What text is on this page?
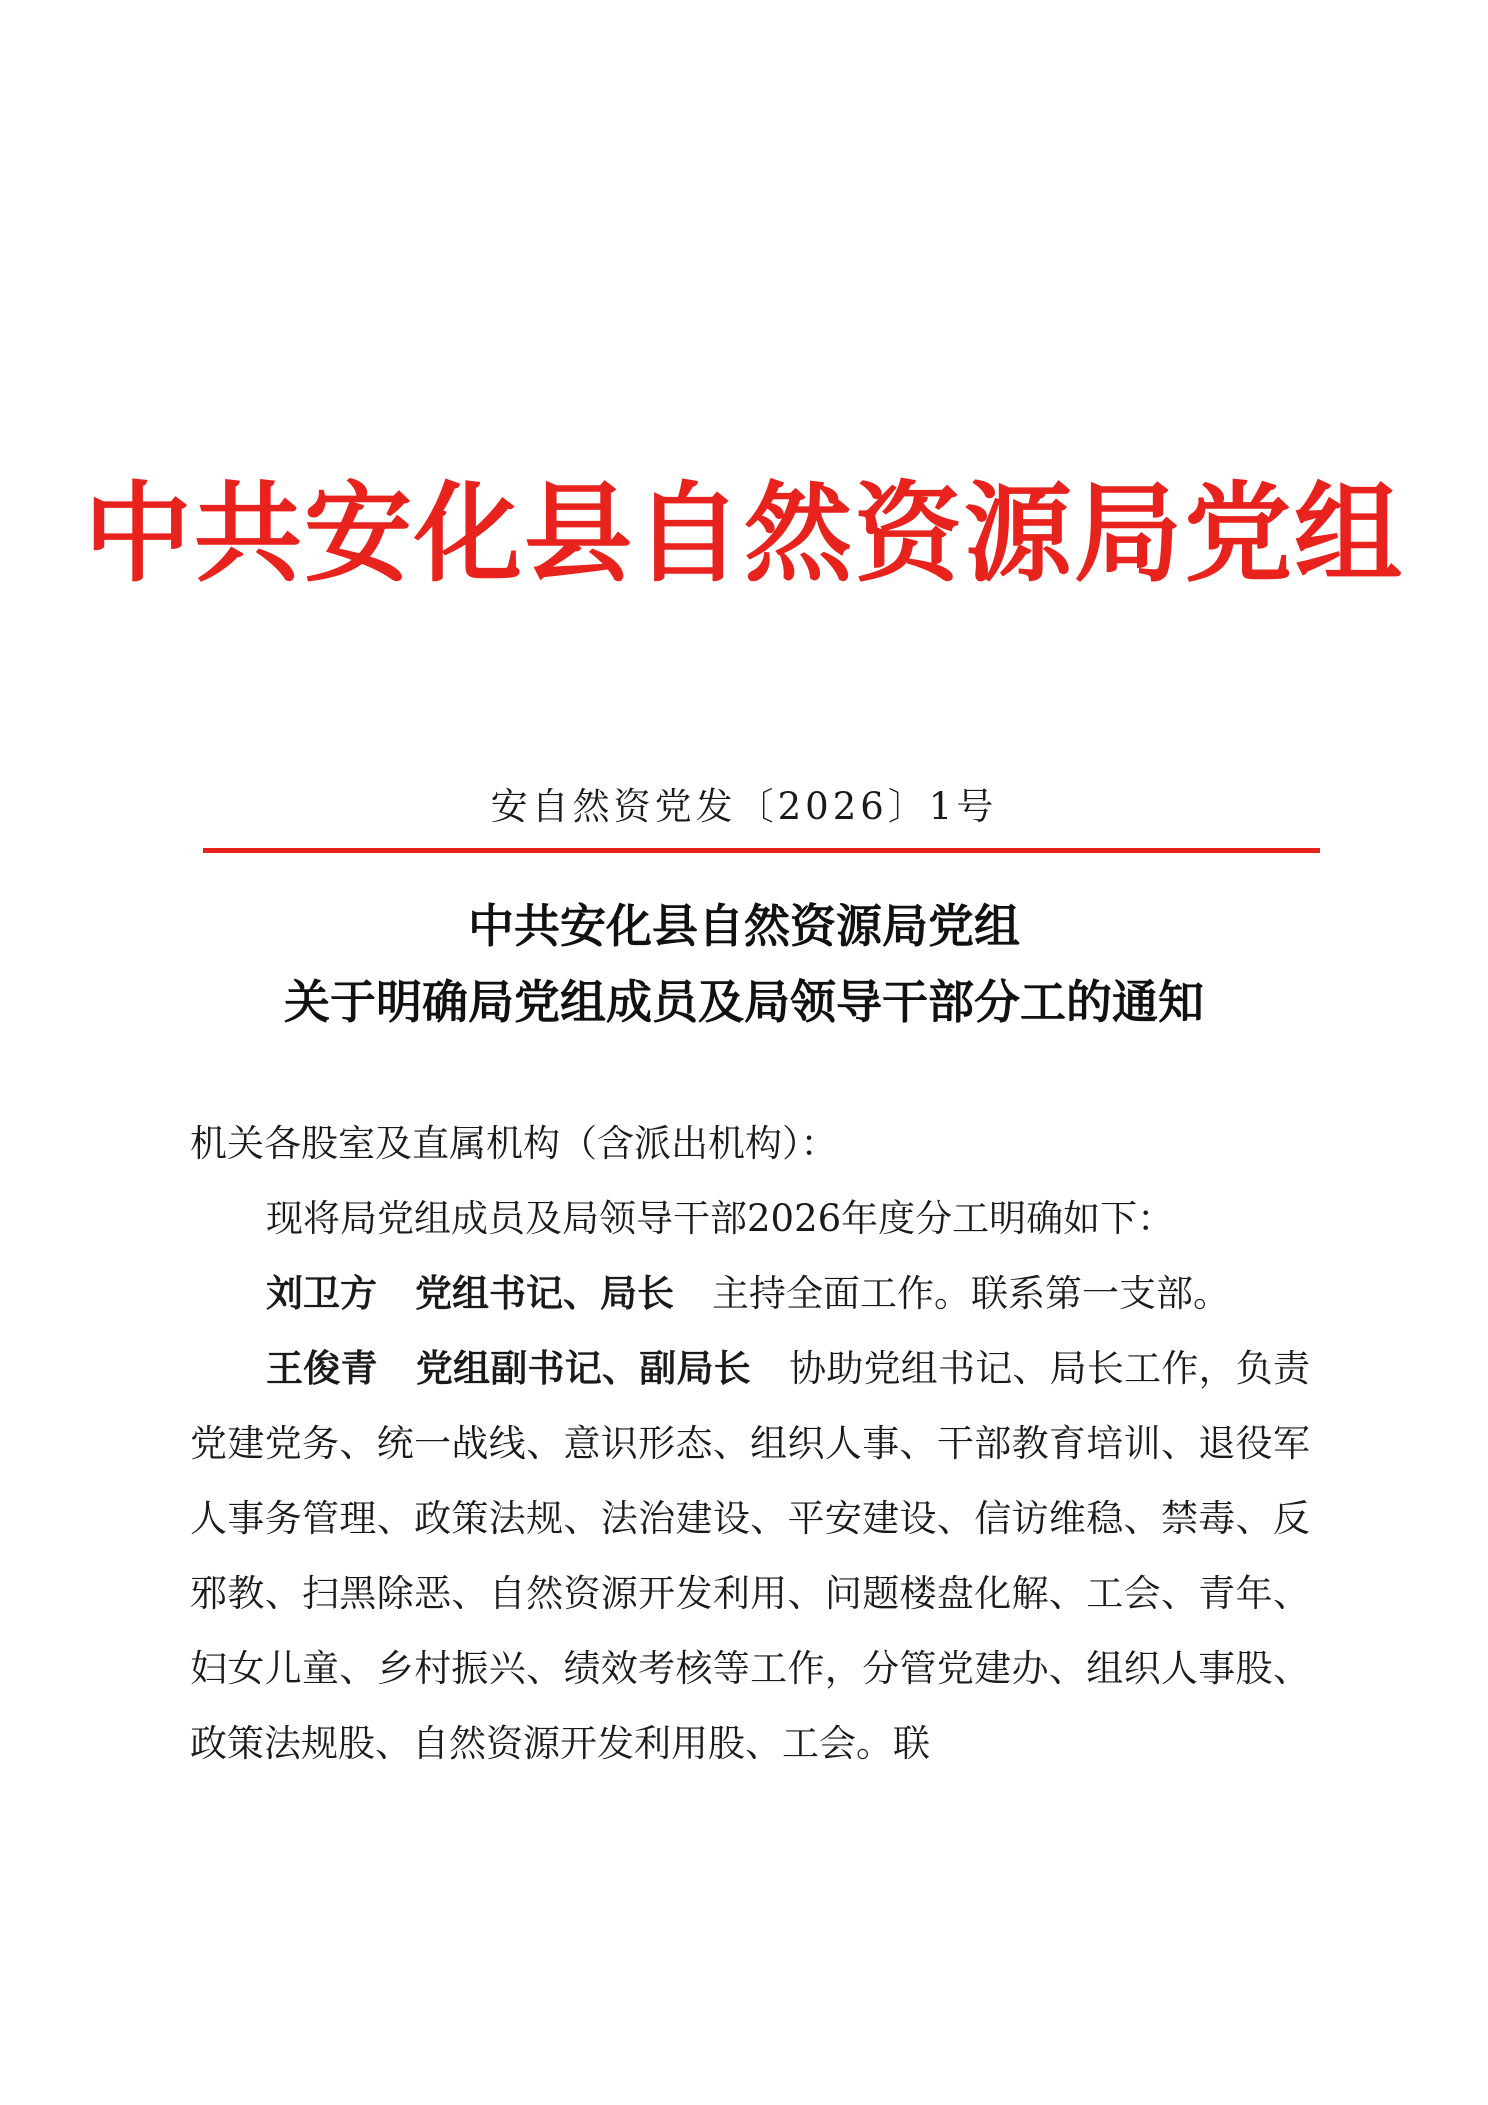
中共安化县自然资源局党组
安自然资党发〔2026〕1号
中共安化县自然资源局党组
关于明确局党组成员及局领导干部分工的通知

机关各股室及直属机构（含派出机构）：

现将局党组成员及局领导干部2026年度分工明确如下：

刘卫方 党组书记、局长 主持全面工作。联系第一支部。

王俊青 党组副书记、副局长 协助党组书记、局长工作，负责党建党务、统一战线、意识形态、组织人事、干部教育培训、退役军人事务管理、政策法规、法治建设、平安建设、信访维稳、禁毒、反邪教、扫黑除恶、自然资源开发利用、问题楼盘化解、工会、青年、妇女儿童、乡村振兴、绩效考核等工作，分管党建办、组织人事股、政策法规股、自然资源开发利用股、工会。联
